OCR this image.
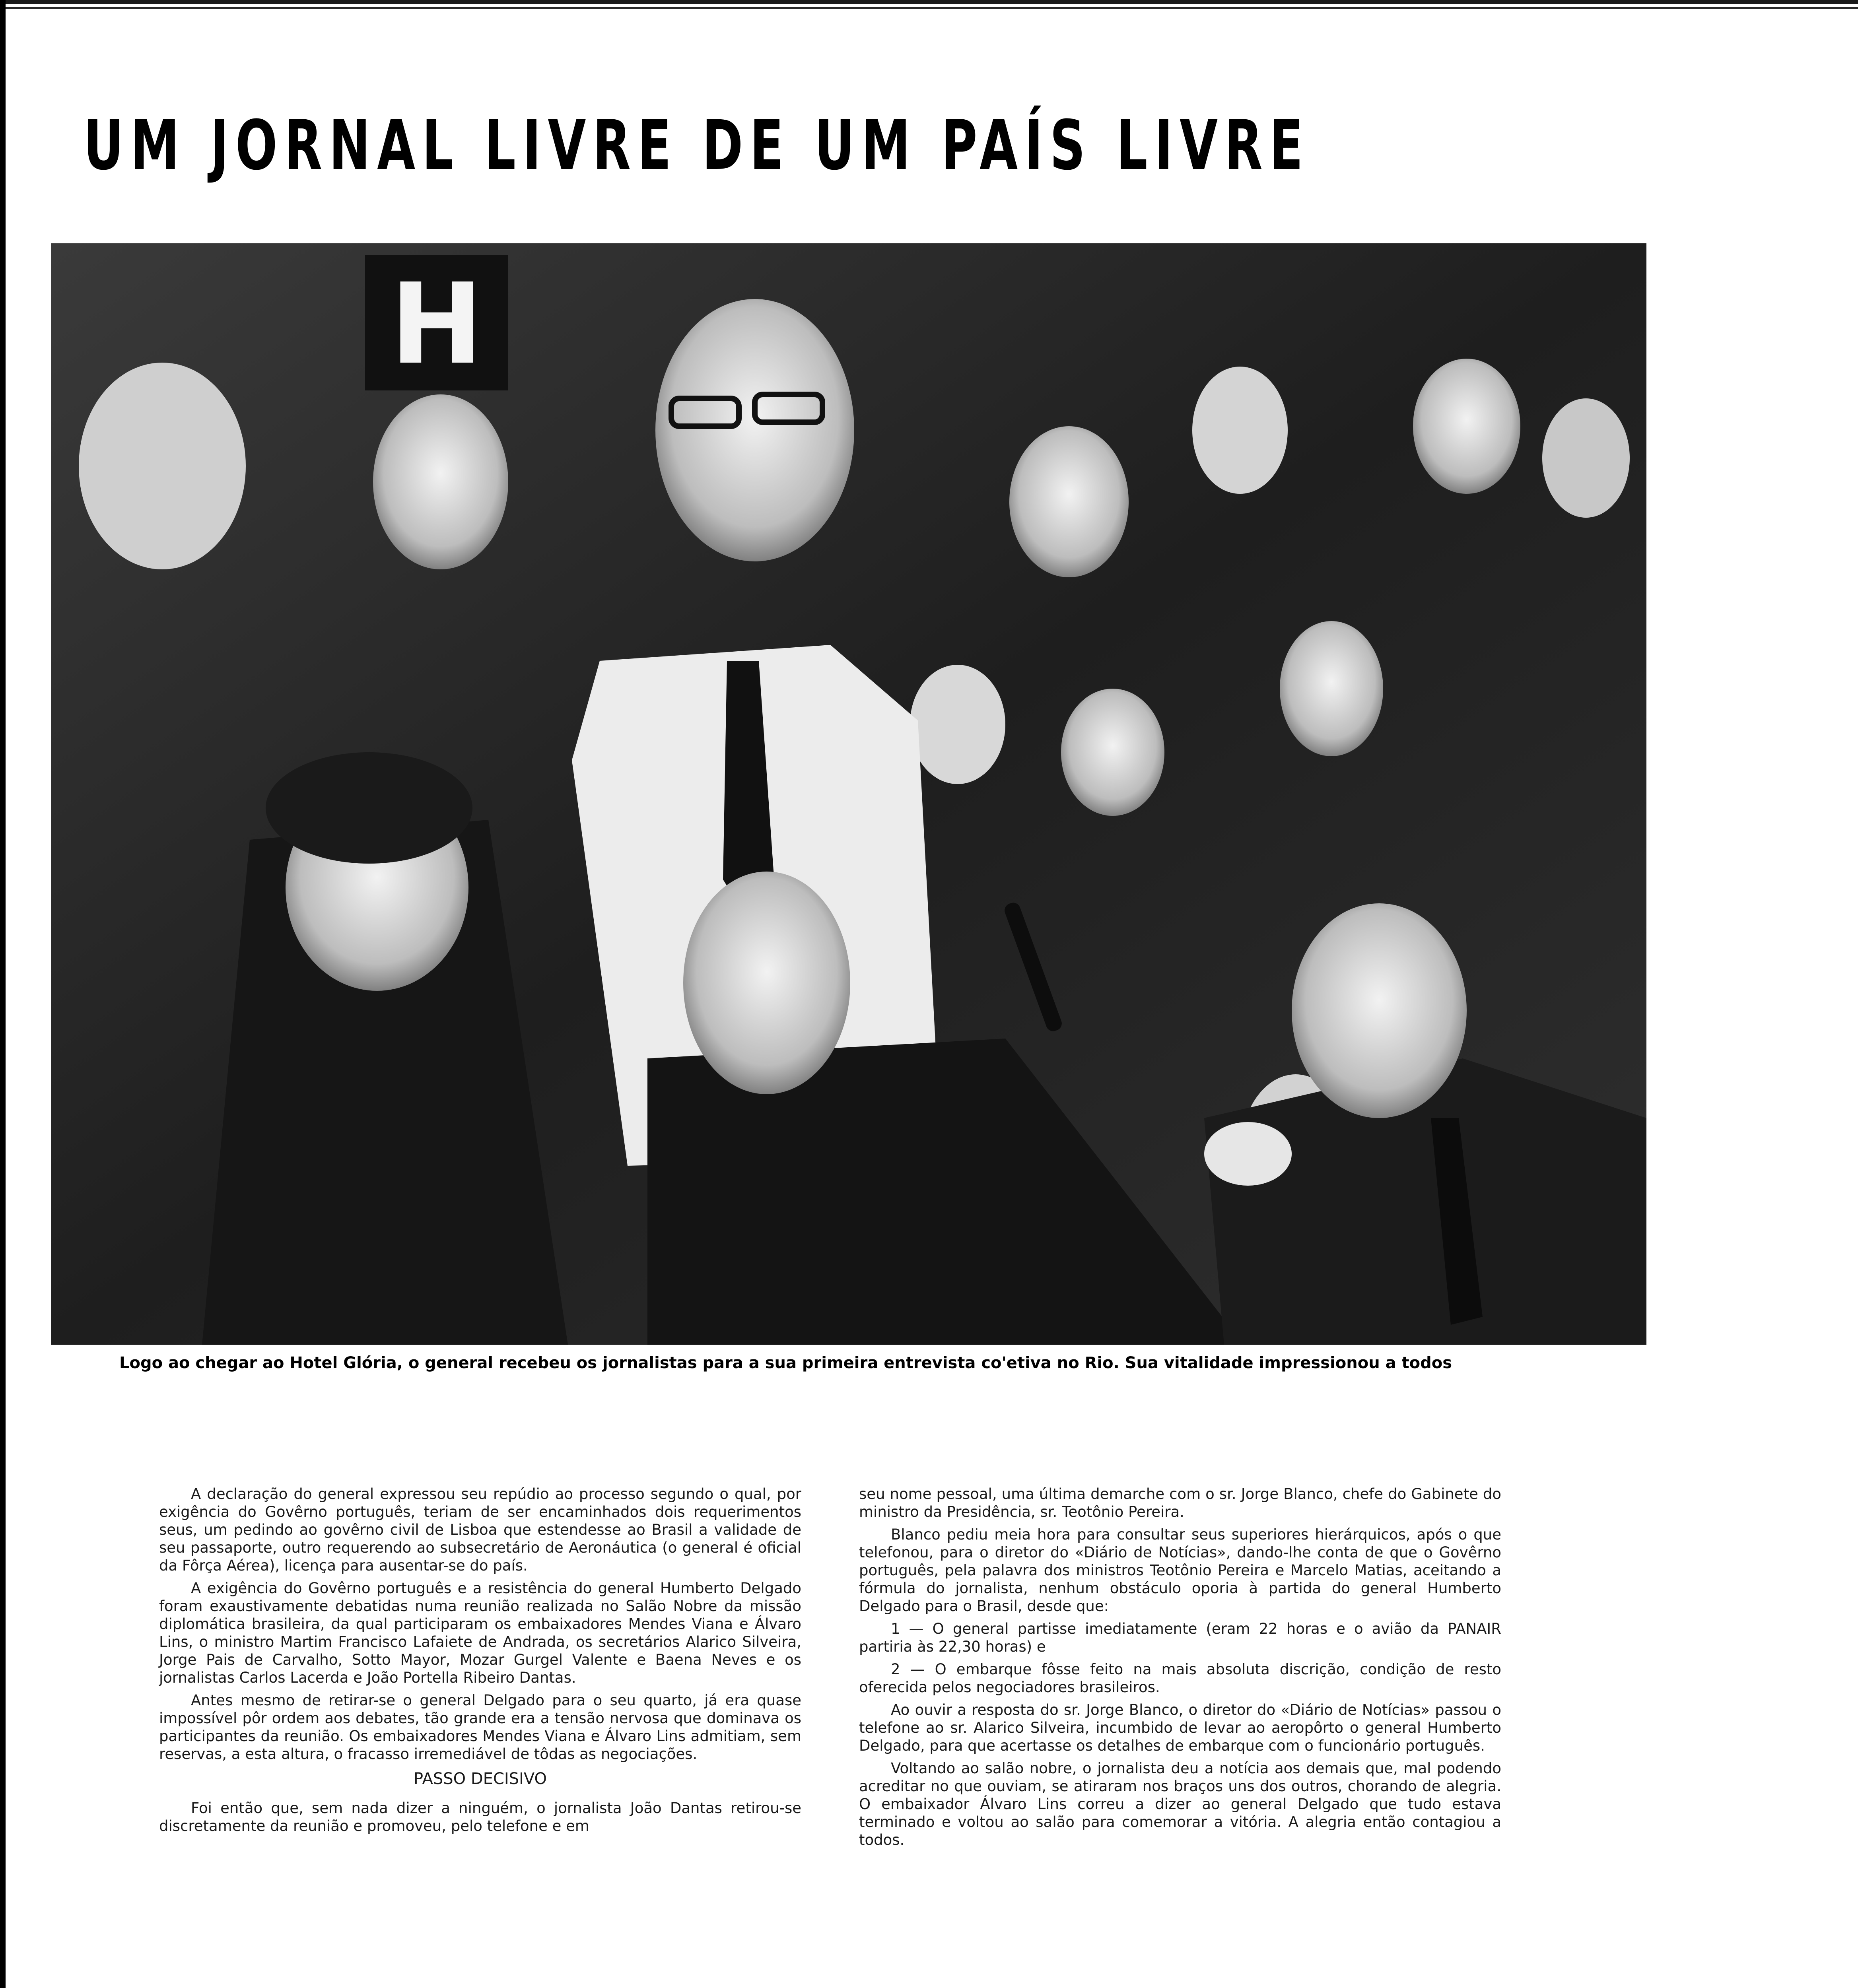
UM JORNAL LIVRE DE UM PAÍS LIVRE
H
Logo ao chegar ao Hotel Glória, o general recebeu os jornalistas para a sua primeira entrevista co'etiva no Rio. Sua vitalidade impressionou a todos

A declaração do general expressou seu repúdio ao processo segundo o qual, por exigência do Govêrno português, teriam de ser encaminhados dois requerimentos seus, um pedindo ao govêrno civil de Lisboa que estendesse ao Brasil a validade de seu passaporte, outro requerendo ao subsecretário de Aeronáutica (o general é oficial da Fôrça Aérea), licença para ausentar-se do país.

A exigência do Govêrno português e a resistência do general Humberto Delgado foram exaustivamente debatidas numa reunião realizada no Salão Nobre da missão diplomática brasileira, da qual participaram os embaixadores Mendes Viana e Álvaro Lins, o ministro Martim Francisco Lafaiete de Andrada, os secretários Alarico Silveira, Jorge Pais de Carvalho, Sotto Mayor, Mozar Gurgel Valente e Baena Neves e os jornalistas Carlos Lacerda e João Portella Ribeiro Dantas.

Antes mesmo de retirar-se o general Delgado para o seu quarto, já era quase impossível pôr ordem aos debates, tão grande era a tensão nervosa que dominava os participantes da reunião. Os embaixadores Mendes Viana e Álvaro Lins admitiam, sem reservas, a esta altura, o fracasso irremediável de tôdas as negociações.

PASSO DECISIVO

Foi então que, sem nada dizer a ninguém, o jornalista João Dantas retirou-se discretamente da reunião e promoveu, pelo telefone e em

seu nome pessoal, uma última demarche com o sr. Jorge Blanco, chefe do Gabinete do ministro da Presidência, sr. Teotônio Pereira.

Blanco pediu meia hora para consultar seus superiores hierárquicos, após o que telefonou, para o diretor do «Diário de Notícias», dando-lhe conta de que o Govêrno português, pela palavra dos ministros Teotônio Pereira e Marcelo Matias, aceitando a fórmula do jornalista, nenhum obstáculo oporia à partida do general Humberto Delgado para o Brasil, desde que:

1 — O general partisse imediatamente (eram 22 horas e o avião da PANAIR partiria às 22,30 horas) e

2 — O embarque fôsse feito na mais absoluta discrição, condição de resto oferecida pelos negociadores brasileiros.

Ao ouvir a resposta do sr. Jorge Blanco, o diretor do «Diário de Notícias» passou o telefone ao sr. Alarico Silveira, incumbido de levar ao aeropôrto o general Humberto Delgado, para que acertasse os detalhes de embarque com o funcionário português.

Voltando ao salão nobre, o jornalista deu a notícia aos demais que, mal podendo acreditar no que ouviam, se atiraram nos braços uns dos outros, chorando de alegria. O embaixador Álvaro Lins correu a dizer ao general Delgado que tudo estava terminado e voltou ao salão para comemorar a vitória. A alegria então contagiou a todos.
